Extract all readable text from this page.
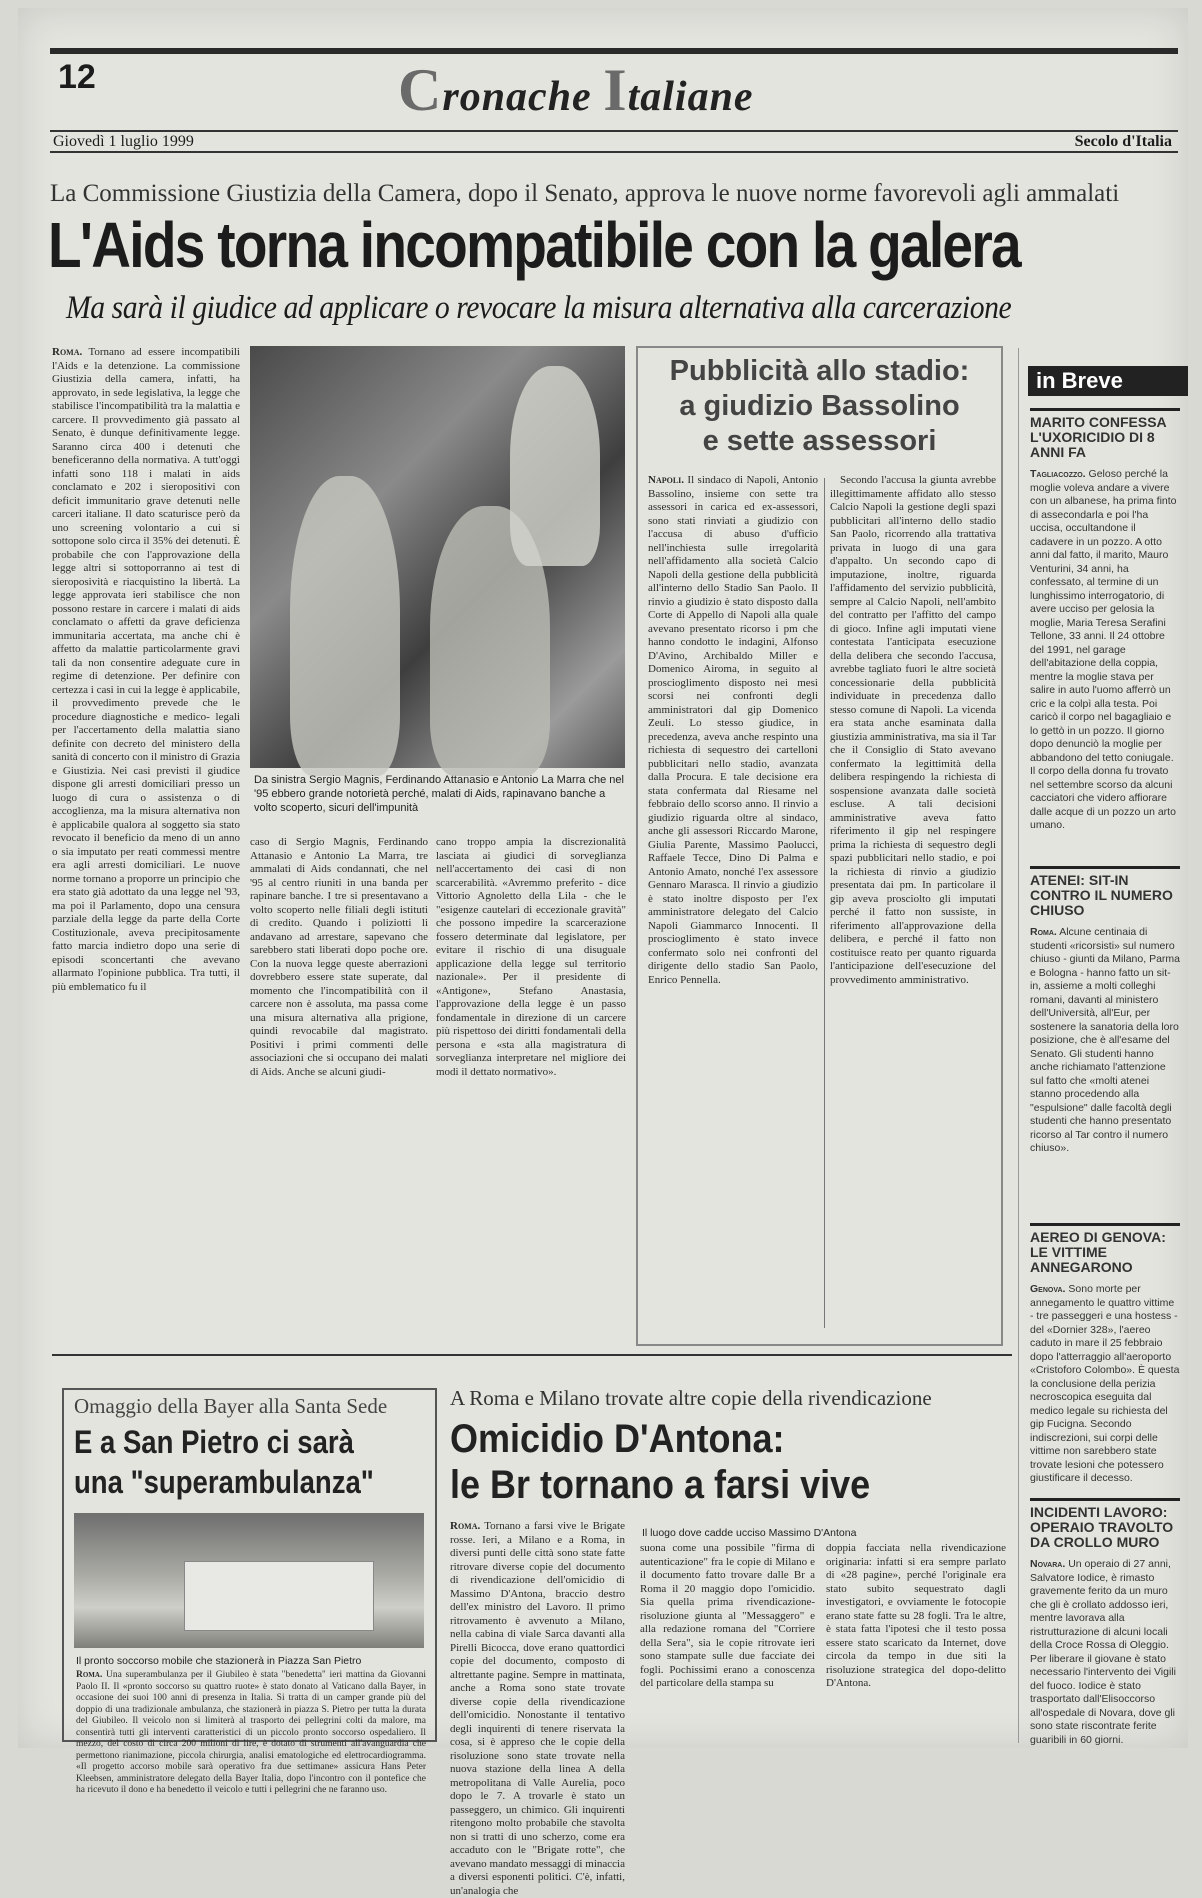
12	Cronache Italiane
Giovedì 1 luglio 1999	Secolo d'Italia
La Commissione Giustizia della Camera, dopo il Senato, approva le nuove norme favorevoli agli ammalati
L'Aids torna incompatibile con la galera
Ma sarà il giudice ad applicare o revocare la misura alternativa alla carcerazione

Roma. Tornano ad essere incompatibili l'Aids e la detenzione. La commissione Giustizia della camera, infatti, ha approvato, in sede legislativa, la legge che stabilisce l'incompatibilità tra la malattia e carcere. Il provvedimento già passato al Senato, è dunque definitivamente legge. Saranno circa 400 i detenuti che beneficeranno della normativa. A tutt'oggi infatti sono 118 i malati in aids conclamato e 202 i sieropositivi con deficit immunitario grave detenuti nelle carceri italiane. Il dato scaturisce però da uno screening volontario a cui si sottopone solo circa il 35% dei detenuti. È probabile che con l'approvazione della legge altri si sottoporranno ai test di sieroposività e riacquistino la libertà. La legge approvata ieri stabilisce che non possono restare in carcere i malati di aids conclamato o affetti da grave deficienza immunitaria accertata, ma anche chi è affetto da malattie particolarmente gravi tali da non consentire adeguate cure in regime di detenzione. Per definire con certezza i casi in cui la legge è applicabile, il provvedimento prevede che le procedure diagnostiche e medico- legali per l'accertamento della malattia siano definite con decreto del ministero della sanità di concerto con il ministro di Grazia e Giustizia. Nei casi previsti il giudice dispone gli arresti domiciliari presso un luogo di cura o assistenza o di accoglienza, ma la misura alternativa non è applicabile qualora al soggetto sia stato revocato il beneficio da meno di un anno o sia imputato per reati commessi mentre era agli arresti domiciliari. Le nuove norme tornano a proporre un principio che era stato già adottato da una legge nel '93, ma poi il Parlamento, dopo una censura parziale della legge da parte della Corte Costituzionale, aveva precipitosamente fatto marcia indietro dopo una serie di episodi sconcertanti che avevano allarmato l'opinione pubblica. Tra tutti, il più emblematico fu il

Da sinistra Sergio Magnis, Ferdinando Attanasio e Antonio La Marra che nel '95 ebbero grande notorietà perché, malati di Aids, rapinavano banche a volto scoperto, sicuri dell'impunità

caso di Sergio Magnis, Ferdinando Attanasio e Antonio La Marra, tre ammalati di Aids condannati, che nel '95 al centro riuniti in una banda per rapinare banche. I tre si presentavano a volto scoperto nelle filiali degli istituti di credito. Quando i poliziotti li andavano ad arrestare, sapevano che sarebbero stati liberati dopo poche ore. Con la nuova legge queste aberrazioni dovrebbero essere state superate, dal momento che l'incompatibilità con il carcere non è assoluta, ma passa come una misura alternativa alla prigione, quindi revocabile dal magistrato. Positivi i primi commenti delle associazioni che si occupano dei malati di Aids. Anche se alcuni giudi-

cano troppo ampia la discrezionalità lasciata ai giudici di sorveglianza nell'accertamento dei casi di non scarcerabilità. «Avremmo preferito - dice Vittorio Agnoletto della Lila - che le "esigenze cautelari di eccezionale gravità" che possono impedire la scarcerazione fossero determinate dal legislatore, per evitare il rischio di una disuguale applicazione della legge sul territorio nazionale». Per il presidente di «Antigone», Stefano Anastasia, l'approvazione della legge è un passo fondamentale in direzione di un carcere più rispettoso dei diritti fondamentali della persona e «sta alla magistratura di sorveglianza interpretare nel migliore dei modi il dettato normativo».

Pubblicità allo stadio:
a giudizio Bassolino
e sette assessori

Napoli. Il sindaco di Napoli, Antonio Bassolino, insieme con sette tra assessori in carica ed ex-assessori, sono stati rinviati a giudizio con l'accusa di abuso d'ufficio nell'inchiesta sulle irregolarità nell'affidamento alla società Calcio Napoli della gestione della pubblicità all'interno dello Stadio San Paolo. Il rinvio a giudizio è stato disposto dalla Corte di Appello di Napoli alla quale avevano presentato ricorso i pm che hanno condotto le indagini, Alfonso D'Avino, Archibaldo Miller e Domenico Airoma, in seguito al proscioglimento disposto nei mesi scorsi nei confronti degli amministratori dal gip Domenico Zeuli. Lo stesso giudice, in precedenza, aveva anche respinto una richiesta di sequestro dei cartelloni pubblicitari nello stadio, avanzata dalla Procura. E tale decisione era stata confermata dal Riesame nel febbraio dello scorso anno. Il rinvio a giudizio riguarda oltre al sindaco, anche gli assessori Riccardo Marone, Giulia Parente, Massimo Paolucci, Raffaele Tecce, Dino Di Palma e Antonio Amato, nonché l'ex assessore Gennaro Marasca. Il rinvio a giudizio è stato inoltre disposto per l'ex amministratore delegato del Calcio Napoli Giammarco Innocenti. Il proscioglimento è stato invece confermato solo nei confronti del dirigente dello stadio San Paolo, Enrico Pennella.

Secondo l'accusa la giunta avrebbe illegittimamente affidato allo stesso Calcio Napoli la gestione degli spazi pubblicitari all'interno dello stadio San Paolo, ricorrendo alla trattativa privata in luogo di una gara d'appalto. Un secondo capo di imputazione, inoltre, riguarda l'affidamento del servizio pubblicità, sempre al Calcio Napoli, nell'ambito del contratto per l'affitto del campo di gioco. Infine agli imputati viene contestata l'anticipata esecuzione della delibera che secondo l'accusa, avrebbe tagliato fuori le altre società concessionarie della pubblicità individuate in precedenza dallo stesso comune di Napoli. La vicenda era stata anche esaminata dalla giustizia amministrativa, ma sia il Tar che il Consiglio di Stato avevano confermato la legittimità della delibera respingendo la richiesta di sospensione avanzata dalle società escluse. A tali decisioni amministrative aveva fatto riferimento il gip nel respingere prima la richiesta di sequestro degli spazi pubblicitari nello stadio, e poi la richiesta di rinvio a giudizio presentata dai pm. In particolare il gip aveva prosciolto gli imputati perché il fatto non sussiste, in riferimento all'approvazione della delibera, e perché il fatto non costituisce reato per quanto riguarda l'anticipazione dell'esecuzione del provvedimento amministrativo.

in Breve
MARITO CONFESSA L'UXORICIDIO DI 8 ANNI FA
Tagliacozzo. Geloso perché la moglie voleva andare a vivere con un albanese, ha prima finto di assecondarla e poi l'ha uccisa, occultandone il cadavere in un pozzo. A otto anni dal fatto, il marito, Mauro Venturini, 34 anni, ha confessato, al termine di un lunghissimo interrogatorio, di avere ucciso per gelosia la moglie, Maria Teresa Serafini Tellone, 33 anni. Il 24 ottobre del 1991, nel garage dell'abitazione della coppia, mentre la moglie stava per salire in auto l'uomo afferrò un cric e la colpì alla testa. Poi caricò il corpo nel bagagliaio e lo gettò in un pozzo. Il giorno dopo denunciò la moglie per abbandono del tetto coniugale. Il corpo della donna fu trovato nel settembre scorso da alcuni cacciatori che videro affiorare dalle acque di un pozzo un arto umano.
ATENEI: SIT-IN CONTRO IL NUMERO CHIUSO
Roma. Alcune centinaia di studenti «ricorsisti» sul numero chiuso - giunti da Milano, Parma e Bologna - hanno fatto un sit-in, assieme a molti colleghi romani, davanti al ministero dell'Università, all'Eur, per sostenere la sanatoria della loro posizione, che è all'esame del Senato. Gli studenti hanno anche richiamato l'attenzione sul fatto che «molti atenei stanno procedendo alla "espulsione" dalle facoltà degli studenti che hanno presentato ricorso al Tar contro il numero chiuso».
AEREO DI GENOVA: LE VITTIME ANNEGARONO
Genova. Sono morte per annegamento le quattro vittime - tre passeggeri e una hostess - del «Dornier 328», l'aereo caduto in mare il 25 febbraio dopo l'atterraggio all'aeroporto «Cristoforo Colombo». È questa la conclusione della perizia necroscopica eseguita dal medico legale su richiesta del gip Fucigna. Secondo indiscrezioni, sui corpi delle vittime non sarebbero state trovate lesioni che potessero giustificare il decesso.
INCIDENTI LAVORO: OPERAIO TRAVOLTO DA CROLLO MURO
Novara. Un operaio di 27 anni, Salvatore Iodice, è rimasto gravemente ferito da un muro che gli è crollato addosso ieri, mentre lavorava alla ristrutturazione di alcuni locali della Croce Rossa di Oleggio. Per liberare il giovane è stato necessario l'intervento dei Vigili del fuoco. Iodice è stato trasportato dall'Elisoccorso all'ospedale di Novara, dove gli sono state riscontrate ferite guaribili in 60 giorni.
Omaggio della Bayer alla Santa Sede
E a San Pietro ci sarà
una "superambulanza"
Il pronto soccorso mobile che stazionerà in Piazza San Pietro

Roma. Una superambulanza per il Giubileo è stata "benedetta" ieri mattina da Giovanni Paolo II. Il «pronto soccorso su quattro ruote» è stato donato al Vaticano dalla Bayer, in occasione dei suoi 100 anni di presenza in Italia. Si tratta di un camper grande più del doppio di una tradizionale ambulanza, che stazionerà in piazza S. Pietro per tutta la durata del Giubileo. Il veicolo non si limiterà al trasporto dei pellegrini colti da malore, ma consentirà tutti gli interventi caratteristici di un piccolo pronto soccorso ospedaliero. Il mezzo, del costo di circa 200 milioni di lire, è dotato di strumenti all'avanguardia che permettono rianimazione, piccola chirurgia, analisi ematologiche ed elettrocardiogramma. «Il progetto accorso mobile sarà operativo fra due settimane» assicura Hans Peter Kleebsen, amministratore delegato della Bayer Italia, dopo l'incontro con il pontefice che ha ricevuto il dono e ha benedetto il veicolo e tutti i pellegrini che ne faranno uso.

A Roma e Milano trovate altre copie della rivendicazione
Omicidio D'Antona:
le Br tornano a farsi vive

Roma. Tornano a farsi vive le Brigate rosse. Ieri, a Milano e a Roma, in diversi punti delle città sono state fatte ritrovare diverse copie del documento di rivendicazione dell'omicidio di Massimo D'Antona, braccio destro dell'ex ministro del Lavoro. Il primo ritrovamento è avvenuto a Milano, nella cabina di viale Sarca davanti alla Pirelli Bicocca, dove erano quattordici copie del documento, composto di altrettante pagine. Sempre in mattinata, anche a Roma sono state trovate diverse copie della rivendicazione dell'omicidio. Nonostante il tentativo degli inquirenti di tenere riservata la cosa, si è appreso che le copie della risoluzione sono state trovate nella nuova stazione della linea A della metropolitana di Valle Aurelia, poco dopo le 7. A trovarle è stato un passeggero, un chimico. Gli inquirenti ritengono molto probabile che stavolta non si tratti di uno scherzo, come era accaduto con le "Brigate rotte", che avevano mandato messaggi di minaccia a diversi esponenti politici. C'è, infatti, un'analogia che

Il luogo dove cadde ucciso Massimo D'Antona

suona come una possibile "firma di autenticazione" fra le copie di Milano e il documento fatto trovare dalle Br a Roma il 20 maggio dopo l'omicidio. Sia quella prima rivendicazione-risoluzione giunta al "Messaggero" e alla redazione romana del "Corriere della Sera", sia le copie ritrovate ieri sono stampate sulle due facciate dei fogli. Pochissimi erano a conoscenza del particolare della stampa su

doppia facciata nella rivendicazione originaria: infatti si era sempre parlato di «28 pagine», perché l'originale era stato subito sequestrato dagli investigatori, e ovviamente le fotocopie erano state fatte su 28 fogli. Tra le altre, è stata fatta l'ipotesi che il testo possa essere stato scaricato da Internet, dove circola da tempo in due siti la risoluzione strategica del dopo-delitto D'Antona.
